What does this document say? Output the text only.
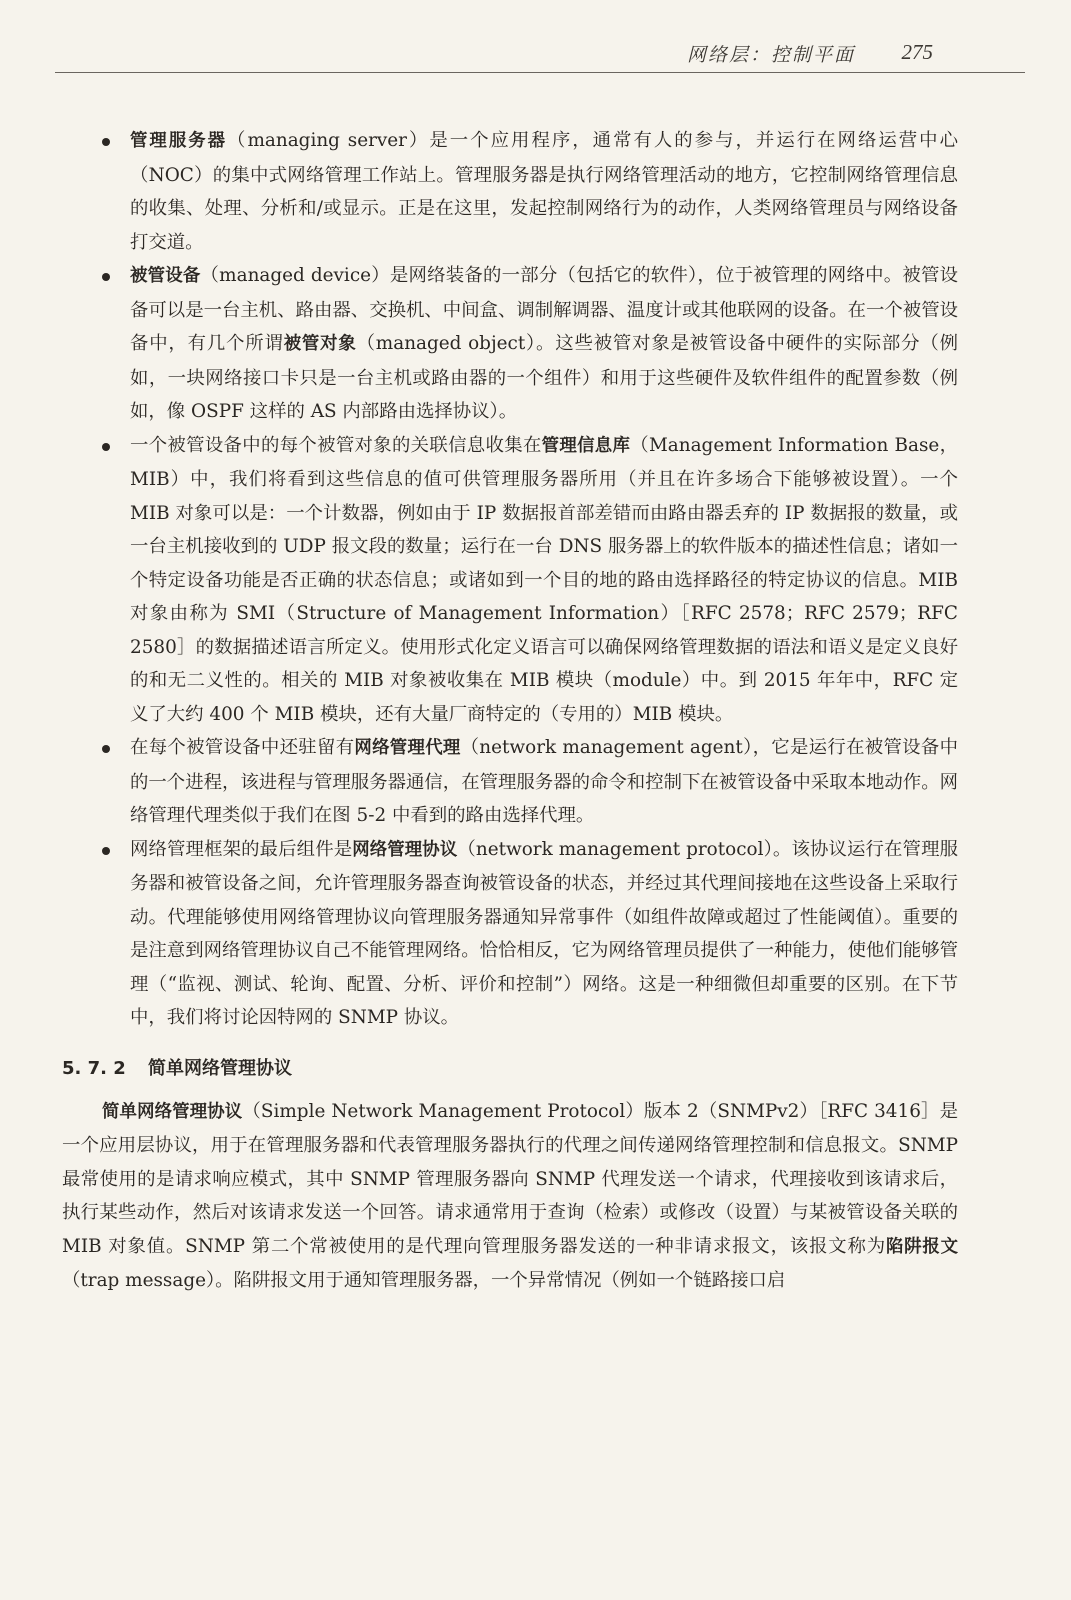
网络层：控制平面 275

管理服务器（managing server）是一个应用程序，通常有人的参与，并运行在网络运营中心（NOC）的集中式网络管理工作站上。管理服务器是执行网络管理活动的地方，它控制网络管理信息的收集、处理、分析和/或显示。正是在这里，发起控制网络行为的动作，人类网络管理员与网络设备打交道。

被管设备（managed device）是网络装备的一部分（包括它的软件），位于被管理的网络中。被管设备可以是一台主机、路由器、交换机、中间盒、调制解调器、温度计或其他联网的设备。在一个被管设备中，有几个所谓被管对象（managed object）。这些被管对象是被管设备中硬件的实际部分（例如，一块网络接口卡只是一台主机或路由器的一个组件）和用于这些硬件及软件组件的配置参数（例如，像 OSPF 这样的 AS 内部路由选择协议）。

一个被管设备中的每个被管对象的关联信息收集在管理信息库（Management Information Base，MIB）中，我们将看到这些信息的值可供管理服务器所用（并且在许多场合下能够被设置）。一个 MIB 对象可以是：一个计数器，例如由于 IP 数据报首部差错而由路由器丢弃的 IP 数据报的数量，或一台主机接收到的 UDP 报文段的数量；运行在一台 DNS 服务器上的软件版本的描述性信息；诸如一个特定设备功能是否正确的状态信息；或诸如到一个目的地的路由选择路径的特定协议的信息。MIB 对象由称为 SMI（Structure of Management Information）［RFC 2578；RFC 2579；RFC 2580］的数据描述语言所定义。使用形式化定义语言可以确保网络管理数据的语法和语义是定义良好的和无二义性的。相关的 MIB 对象被收集在 MIB 模块（module）中。到 2015 年年中，RFC 定义了大约 400 个 MIB 模块，还有大量厂商特定的（专用的）MIB 模块。

在每个被管设备中还驻留有网络管理代理（network management agent），它是运行在被管设备中的一个进程，该进程与管理服务器通信，在管理服务器的命令和控制下在被管设备中采取本地动作。网络管理代理类似于我们在图 5-2 中看到的路由选择代理。

网络管理框架的最后组件是网络管理协议（network management protocol）。该协议运行在管理服务器和被管设备之间，允许管理服务器查询被管设备的状态，并经过其代理间接地在这些设备上采取行动。代理能够使用网络管理协议向管理服务器通知异常事件（如组件故障或超过了性能阈值）。重要的是注意到网络管理协议自己不能管理网络。恰恰相反，它为网络管理员提供了一种能力，使他们能够管理（“监视、测试、轮询、配置、分析、评价和控制”）网络。这是一种细微但却重要的区别。在下节中，我们将讨论因特网的 SNMP 协议。

5. 7. 2 简单网络管理协议

简单网络管理协议（Simple Network Management Protocol）版本 2（SNMPv2）［RFC 3416］是一个应用层协议，用于在管理服务器和代表管理服务器执行的代理之间传递网络管理控制和信息报文。SNMP 最常使用的是请求响应模式，其中 SNMP 管理服务器向 SNMP 代理发送一个请求，代理接收到该请求后，执行某些动作，然后对该请求发送一个回答。请求通常用于查询（检索）或修改（设置）与某被管设备关联的 MIB 对象值。SNMP 第二个常被使用的是代理向管理服务器发送的一种非请求报文，该报文称为陷阱报文（trap message）。陷阱报文用于通知管理服务器，一个异常情况（例如一个链路接口启
